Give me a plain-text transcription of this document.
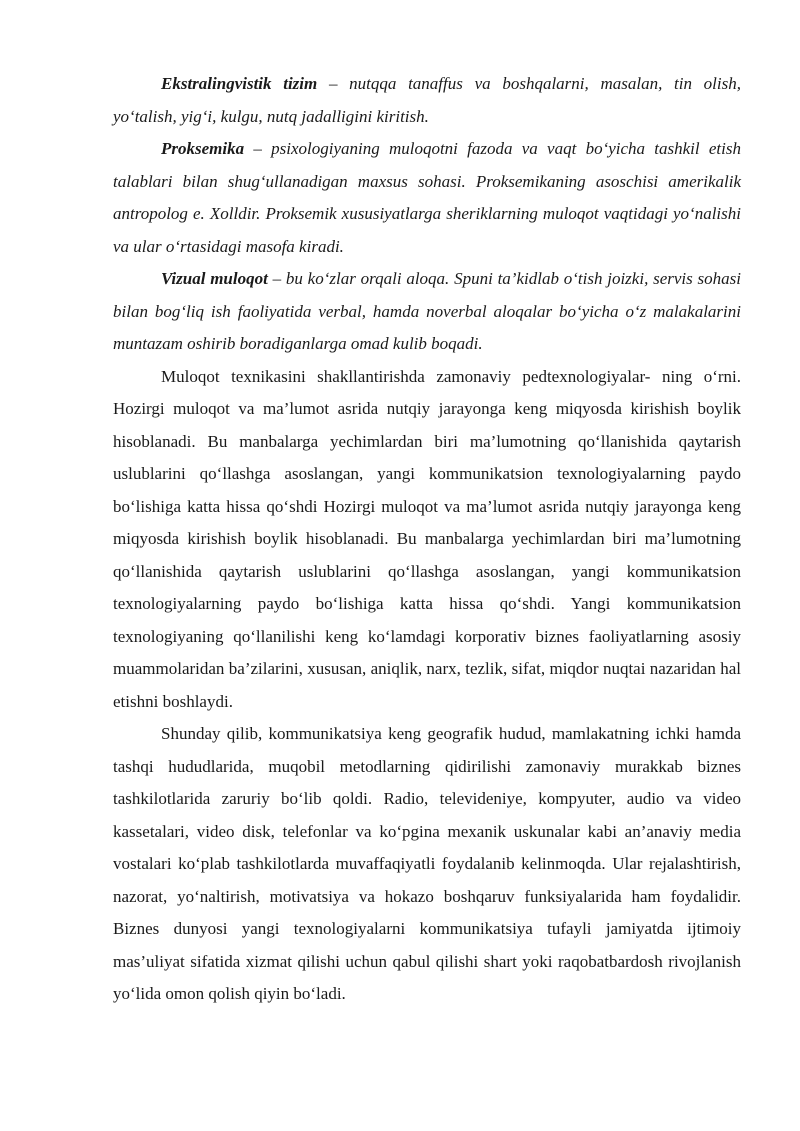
Ekstralingvistik tizim – nutqqa tanaffus va boshqalarni, masalan, tin olish, yo‘talish, yig‘i, kulgu, nutq jadalligini kiritish.

Proksemika – psixologiyaning muloqotni fazoda va vaqt bo‘yicha tashkil etish talablari bilan shug‘ullanadigan maxsus sohasi. Proksemikaning asoschisi amerikalik antropolog e. Xolldir. Proksemik xususiyatlarga sheriklarning muloqot vaqtidagi yo‘nalishi va ular o‘rtasidagi masofa kiradi.

Vizual muloqot – bu ko‘zlar orqali aloqa. Spuni ta’kidlab o‘tish joizki, servis sohasi bilan bog‘liq ish faoliyatida verbal, hamda noverbal aloqalar bo‘yicha o‘z malakalarini muntazam oshirib boradiganlarga omad kulib boqadi.

Muloqot texnikasini shakllantirishda zamonaviy pedtexnologiyalar- ning o‘rni. Hozirgi muloqot va ma’lumot asrida nutqiy jarayonga keng miqyosda kirishish boylik hisoblanadi. Bu manbalarga yechimlardan biri ma’lumotning qo‘llanishida qaytarish uslublarini qo‘llashga asoslangan, yangi kommunikatsion texnologiyalarning paydo bo‘lishiga katta hissa qo‘shdi Hozirgi muloqot va ma’lumot asrida nutqiy jarayonga keng miqyosda kirishish boylik hisoblanadi. Bu manbalarga yechimlardan biri ma’lumotning qo‘llanishida qaytarish uslublarini qo‘llashga asoslangan, yangi kommunikatsion texnologiyalarning paydo bo‘lishiga katta hissa qo‘shdi. Yangi kommunikatsion texnologiyaning qo‘llanilishi keng ko‘lamdagi korporativ biznes faoliyatlarning asosiy muammolaridan ba’zilarini, xususan, aniqlik, narx, tezlik, sifat, miqdor nuqtai nazaridan hal etishni boshlaydi.

Shunday qilib, kommunikatsiya keng geografik hudud, mamlakatning ichki hamda tashqi hududlarida, muqobil metodlarning qidirilishi zamonaviy murakkab biznes tashkilotlarida zaruriy bo‘lib qoldi. Radio, televideniye, kompyuter, audio va video kassetalari, video disk, telefonlar va ko‘pgina mexanik uskunalar kabi an’anaviy media vostalari ko‘plab tashkilotlarda muvaffaqiyatli foydalanib kelinmoqda. Ular rejalashtirish, nazorat, yo‘naltirish, motivatsiya va hokazo boshqaruv funksiyalarida ham foydalidir. Biznes dunyosi yangi texnologiyalarni kommunikatsiya tufayli jamiyatda ijtimoiy mas’uliyat sifatida xizmat qilishi uchun qabul qilishi shart yoki raqobatbardosh rivojlanish yo‘lida omon qolish qiyin bo‘ladi.
